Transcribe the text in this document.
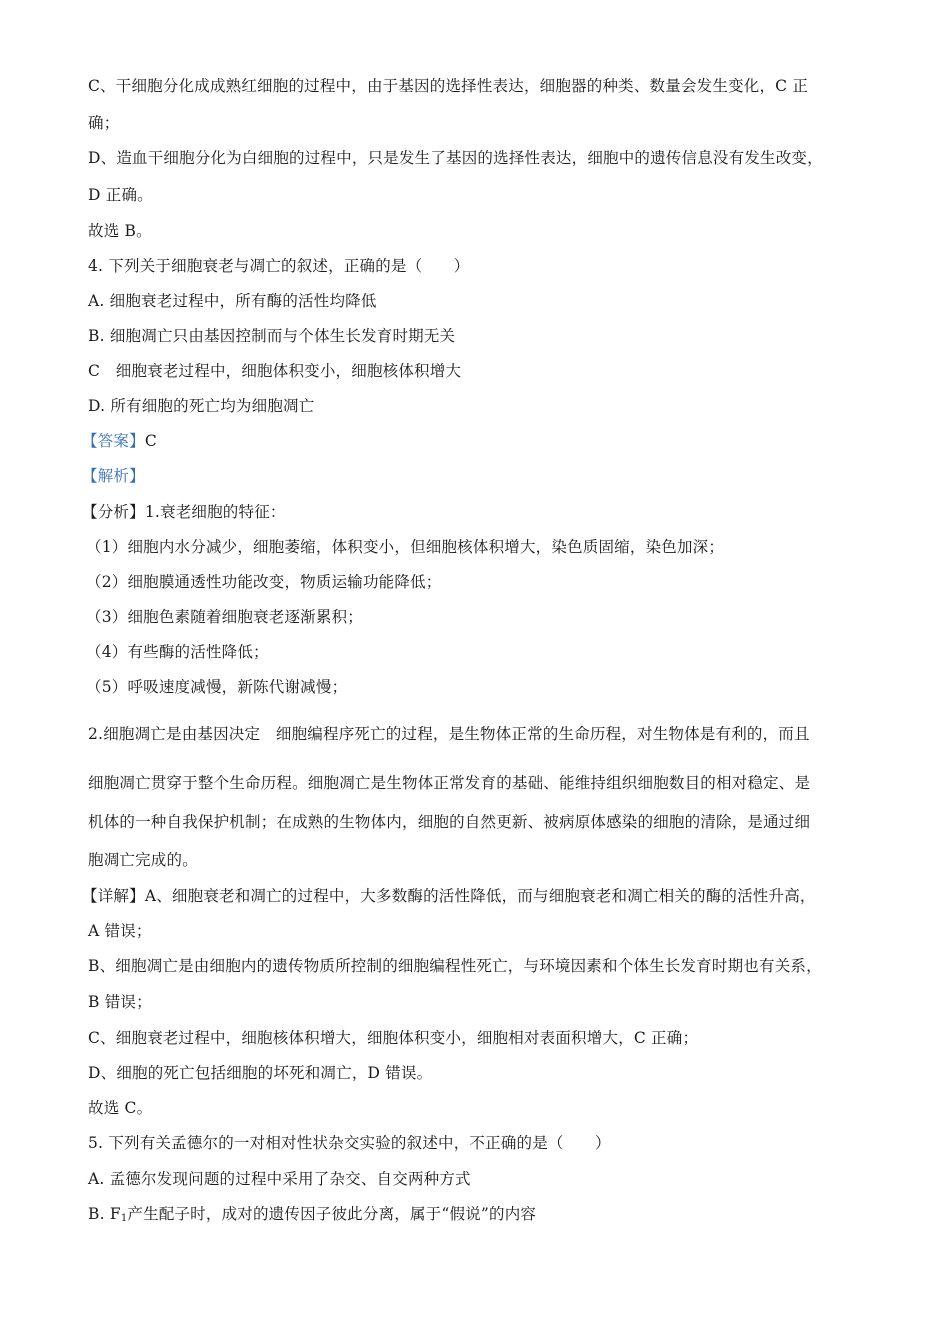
C、干细胞分化成成熟红细胞的过程中，由于基因的选择性表达，细胞器的种类、数量会发生变化，C 正
确；
D、造血干细胞分化为白细胞的过程中，只是发生了基因的选择性表达，细胞中的遗传信息没有发生改变，
D 正确。
故选 B。
4. 下列关于细胞衰老与凋亡的叙述，正确的是（　　）
A. 细胞衰老过程中，所有酶的活性均降低
B. 细胞凋亡只由基因控制而与个体生长发育时期无关
C　细胞衰老过程中，细胞体积变小，细胞核体积增大
D. 所有细胞的死亡均为细胞凋亡
【答案】C
【解析】
【分析】1.衰老细胞的特征：
（1）细胞内水分减少，细胞萎缩，体积变小，但细胞核体积增大，染色质固缩，染色加深；
（2）细胞膜通透性功能改变，物质运输功能降低；
（3）细胞色素随着细胞衰老逐渐累积；
（4）有些酶的活性降低；
（5）呼吸速度减慢，新陈代谢减慢；
2.细胞凋亡是由基因决定　细胞编程序死亡的过程，是生物体正常的生命历程，对生物体是有利的，而且
细胞凋亡贯穿于整个生命历程。细胞凋亡是生物体正常发育的基础、能维持组织细胞数目的相对稳定、是
机体的一种自我保护机制；在成熟的生物体内，细胞的自然更新、被病原体感染的细胞的清除，是通过细
胞凋亡完成的。
【详解】A、细胞衰老和凋亡的过程中，大多数酶的活性降低，而与细胞衰老和凋亡相关的酶的活性升高，
A 错误；
B、细胞凋亡是由细胞内的遗传物质所控制的细胞编程性死亡，与环境因素和个体生长发育时期也有关系，
B 错误；
C、细胞衰老过程中，细胞核体积增大，细胞体积变小，细胞相对表面积增大，C 正确；
D、细胞的死亡包括细胞的坏死和凋亡，D 错误。
故选 C。
5. 下列有关孟德尔的一对相对性状杂交实验的叙述中，不正确的是（　　）
A. 孟德尔发现问题的过程中采用了杂交、自交两种方式
B. $F_1$产生配子时，成对的遗传因子彼此分离，属于“假说”的内容
